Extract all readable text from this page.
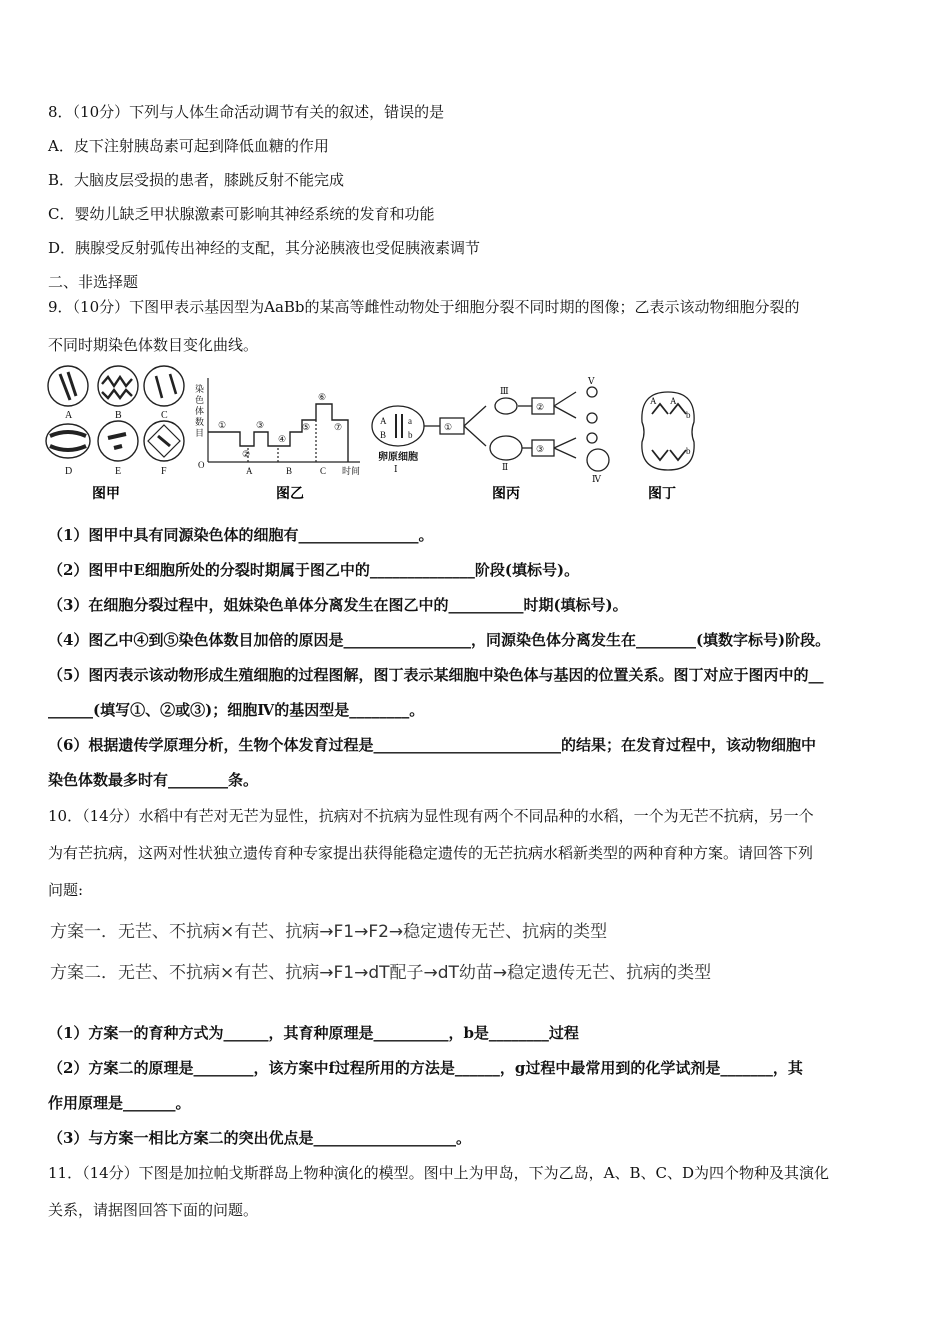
8．（10分）下列与人体生命活动调节有关的叙述，错误的是
A．皮下注射胰岛素可起到降低血糖的作用
B．大脑皮层受损的患者，膝跳反射不能完成
C．婴幼儿缺乏甲状腺激素可影响其神经系统的发育和功能
D．胰腺受反射弧传出神经的支配，其分泌胰液也受促胰液素调节
二、非选择题
9．（10分）下图甲表示基因型为AaBb的某高等雌性动物处于细胞分裂不同时期的图像；乙表示该动物细胞分裂的
不同时期染色体数目变化曲线。
A	B	C
D	E	F
图甲
染
色
体
数
目
O
时间
①
②
③
④
⑤
⑥
⑦
A	B	C
图乙
A a
B b
卵原细胞
①
②
③
Ⅰ	Ⅱ
Ⅲ
Ⅳ
Ⅴ
图丙
A A
b
b
图丁
（1）图甲中具有同源染色体的细胞有________________。
（2）图甲中E细胞所处的分裂时期属于图乙中的______________阶段(填标号)。
（3）在细胞分裂过程中，姐妹染色单体分离发生在图乙中的__________时期(填标号)。
（4）图乙中④到⑤染色体数目加倍的原因是_________________，同源染色体分离发生在________(填数字标号)阶段。
（5）图丙表示该动物形成生殖细胞的过程图解，图丁表示某细胞中染色体与基因的位置关系。图丁对应于图丙中的__
______(填写①、②或③)；细胞Ⅳ的基因型是________。
（6）根据遗传学原理分析，生物个体发育过程是_________________________的结果；在发育过程中，该动物细胞中
染色体数最多时有________条。
10．（14分）水稻中有芒对无芒为显性，抗病对不抗病为显性现有两个不同品种的水稻，一个为无芒不抗病，另一个
为有芒抗病，这两对性状独立遗传育种专家提出获得能稳定遗传的无芒抗病水稻新类型的两种育种方案。请回答下列
问题:
方案一．无芒、不抗病×有芒、抗病→F1→F2→稳定遗传无芒、抗病的类型
方案二．无芒、不抗病×有芒、抗病→F1→dT配子→dT幼苗→稳定遗传无芒、抗病的类型
（1）方案一的育种方式为______，其育种原理是__________，b是________过程
（2）方案二的原理是________，该方案中f过程所用的方法是______，g过程中最常用到的化学试剂是_______，其
作用原理是_______。
（3）与方案一相比方案二的突出优点是___________________。
11．（14分）下图是加拉帕戈斯群岛上物种演化的模型。图中上为甲岛，下为乙岛，A、B、C、D为四个物种及其演化
关系，请据图回答下面的问题。
